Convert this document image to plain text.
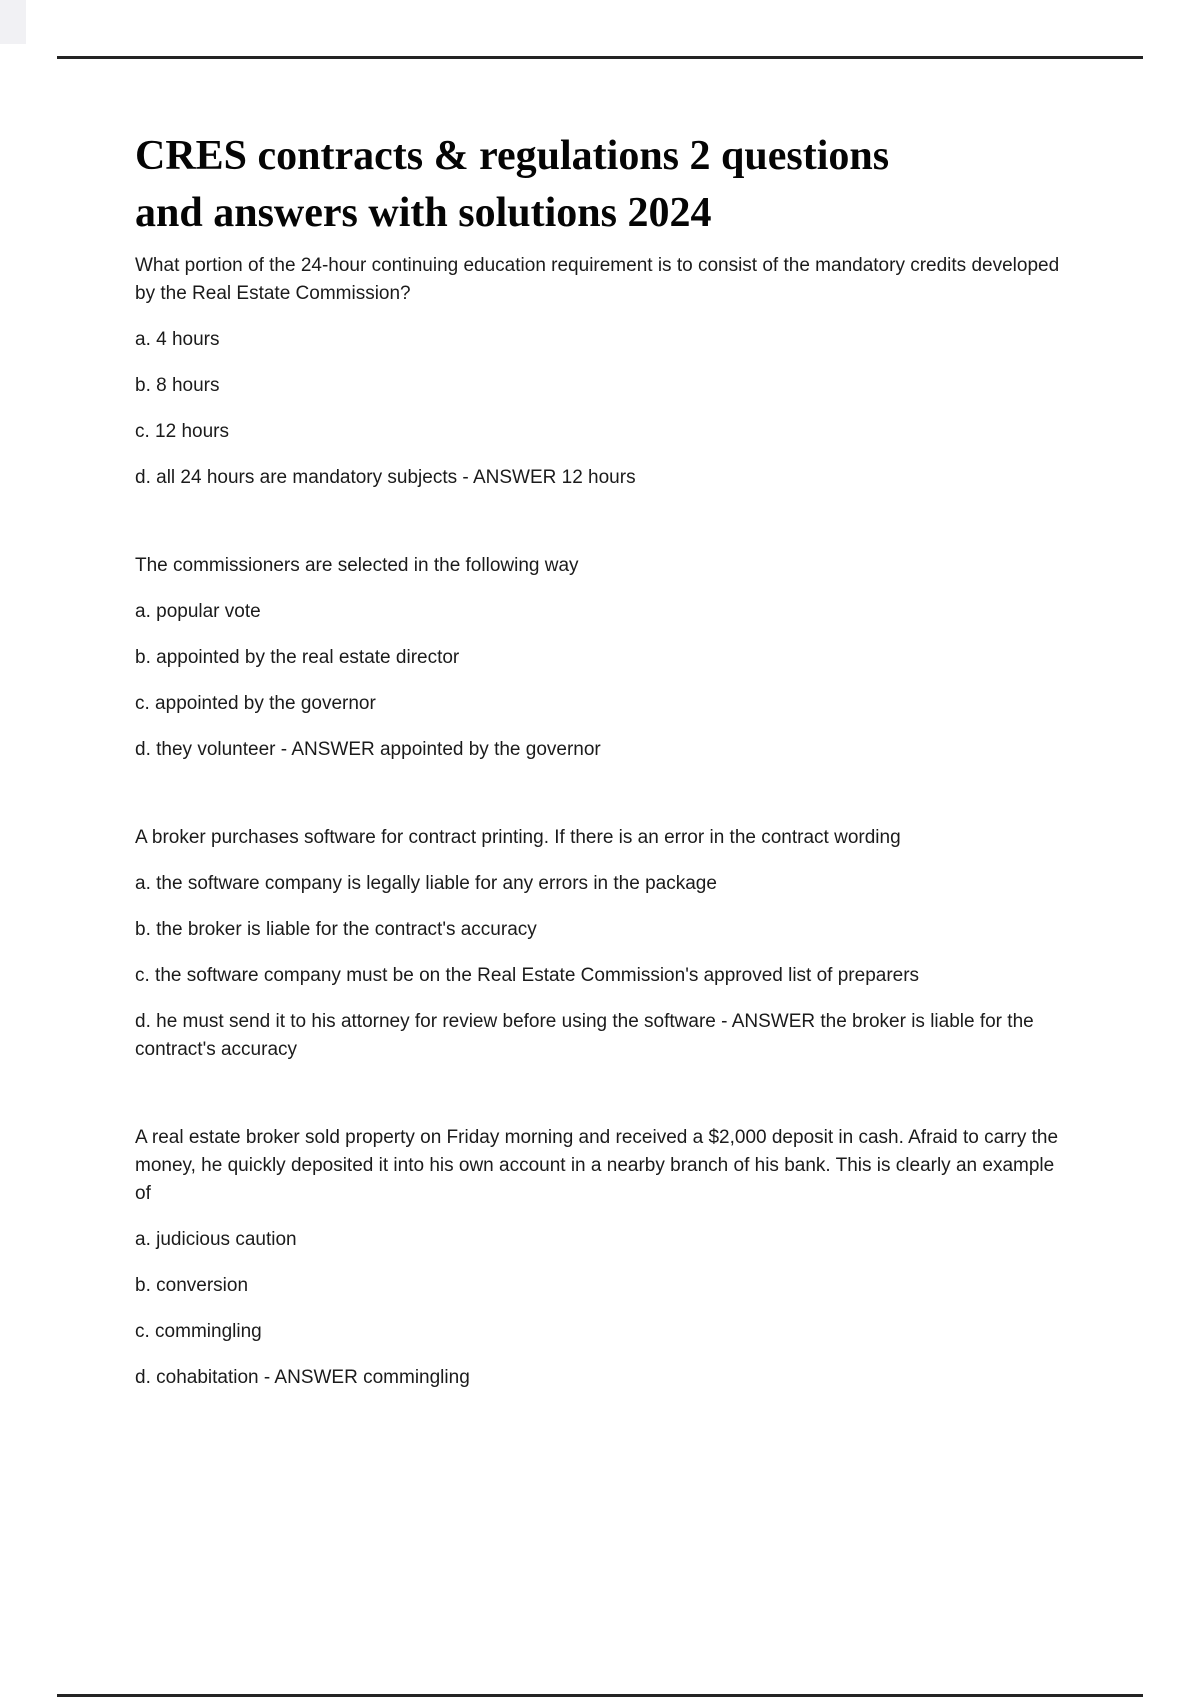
CRES contracts & regulations 2 questions
and answers with solutions 2024

What portion of the 24-hour continuing education requirement is to consist of the mandatory credits developed by the Real Estate Commission?

a. 4 hours

b. 8 hours

c. 12 hours

d. all 24 hours are mandatory subjects - ANSWER 12 hours

The commissioners are selected in the following way

a. popular vote

b. appointed by the real estate director

c. appointed by the governor

d. they volunteer - ANSWER appointed by the governor

A broker purchases software for contract printing. If there is an error in the contract wording

a. the software company is legally liable for any errors in the package

b. the broker is liable for the contract's accuracy

c. the software company must be on the Real Estate Commission's approved list of preparers

d. he must send it to his attorney for review before using the software - ANSWER the broker is liable for the contract's accuracy

A real estate broker sold property on Friday morning and received a $2,000 deposit in cash. Afraid to carry the money, he quickly deposited it into his own account in a nearby branch of his bank. This is clearly an example of

a. judicious caution

b. conversion

c. commingling

d. cohabitation - ANSWER commingling
